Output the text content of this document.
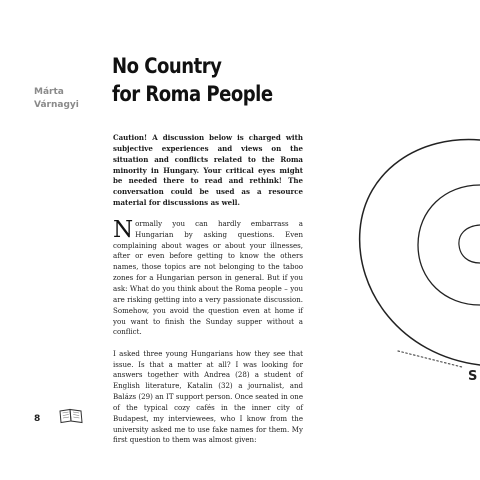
Márta
Várnagyi
No Country
for Roma People

Caution! A discussion below is charged with subjective experiences and views on the situation and conflicts related to the Roma minority in Hungary. Your critical eyes might be needed there to read and rethink! The conversation could be used as a resource material for discussions as well.

Normally you can hardly embarrass a Hungarian by asking questions. Even complaining about wages or about your illnesses, after or even before getting to know the others names, those topics are not belonging to the taboo zones for a Hungarian person in general. But if you ask: What do you think about the Roma people – you are risking getting into a very passionate discussion. Somehow, you avoid the question even at home if you want to finish the Sunday supper without a conflict.

I asked three young Hungarians how they see that issue. Is that a matter at all? I was looking for answers together with Andrea (28) a student of English literature, Katalin (32) a journalist, and Balázs (29) an IT support person. Once seated in one of the typical cozy cafés in the inner city of Budapest, my interviewees, who I know from the university asked me to use fake names for them. My first question to them was almost given:

8
S
